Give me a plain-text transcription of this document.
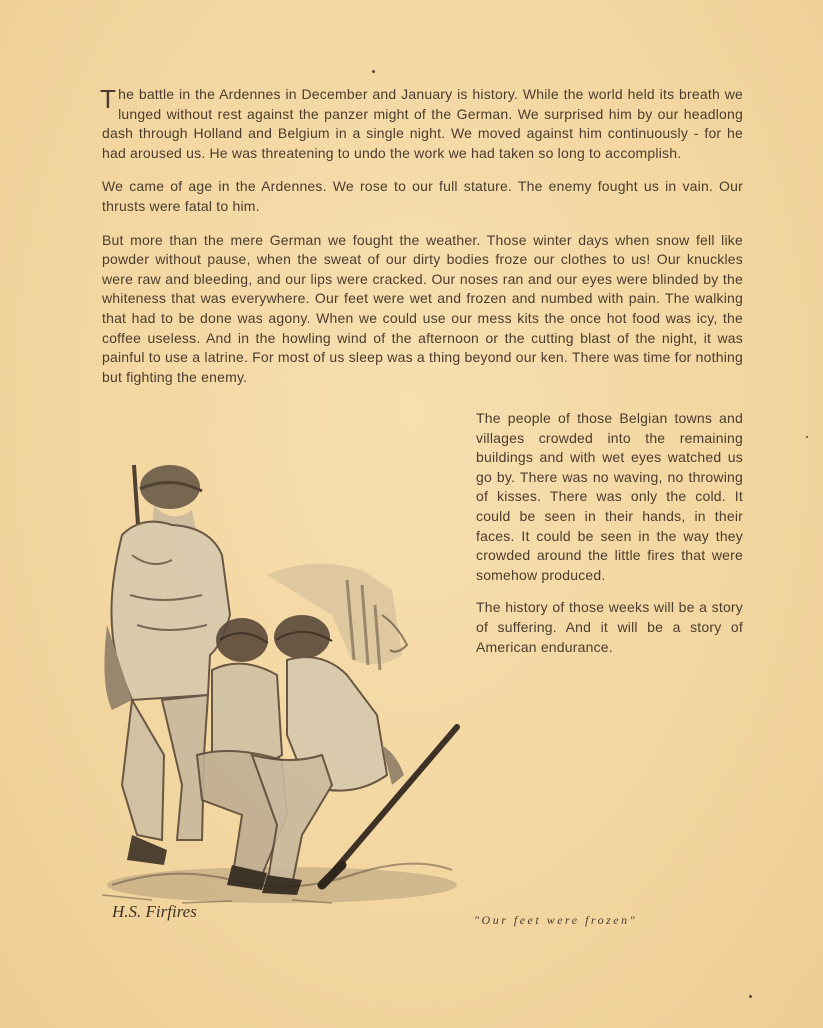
The battle in the Ardennes in December and January is history. While the world held its breath we lunged without rest against the panzer might of the German. We surprised him by our headlong dash through Holland and Belgium in a single night. We moved against him continuously - for he had aroused us. He was threatening to undo the work we had taken so long to accomplish.

We came of age in the Ardennes. We rose to our full stature. The enemy fought us in vain. Our thrusts were fatal to him.

But more than the mere German we fought the weather. Those winter days when snow fell like powder without pause, when the sweat of our dirty bodies froze our clothes to us! Our knuckles were raw and bleeding, and our lips were cracked. Our noses ran and our eyes were blinded by the whiteness that was everywhere. Our feet were wet and frozen and numbed with pain. The walking that had to be done was agony. When we could use our mess kits the once hot food was icy, the coffee useless. And in the howling wind of the afternoon or the cutting blast of the night, it was painful to use a latrine. For most of us sleep was a thing beyond our ken. There was time for nothing but fighting the enemy.

The people of those Belgian towns and villages crowded into the remaining buildings and with wet eyes watched us go by. There was no waving, no throwing of kisses. There was only the cold. It could be seen in their hands, in their faces. It could be seen in the way they crowded around the little fires that were somehow produced.

The history of those weeks will be a story of suffering. And it will be a story of American endurance.

H.S. Firfires	"Our feet were frozen"
